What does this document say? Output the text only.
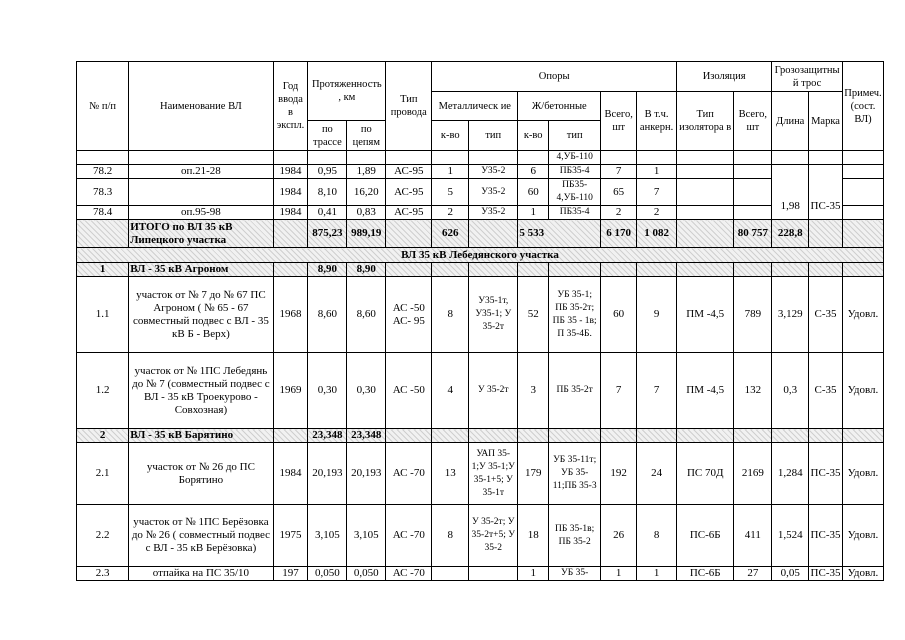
№ п/п	Наименование ВЛ	Год ввода в экспл.	Протяженность , км		Тип провода	Опоры						Изоляция		Грозозащитны й трос		Примеч. (сост. ВЛ)
						Металлическ ие		Ж/бетонные		Всего, шт	В т.ч. анкерн.	Тип изолятора в	Всего, шт	Длина	Марка	
			по трассе	по цепям		к-во	тип	к-во	тип							
									4,УБ-110							
78.2	оп.21-28	1984	0,95	1,89	АС-95	1	У35-2	6	ПБ35-4	7	1			1,98	ПС-35	
78.3		1984	8,10	16,20	АС-95	5	У35-2	60	ПБ35-4,УБ-110	65	7					
78.4	оп.95-98	1984	0,41	0,83	АС-95	2	У35-2	1	ПБ35-4	2	2					
	ИТОГО по ВЛ 35 кВ Липецкого участка		875,23	989,19		626		5 533		6 170	1 082		80 757	228,8		
ВЛ 35 кВ Лебедянского участка																
1	ВЛ - 35 кВ Агроном		8,90	8,90												
1.1	участок от № 7 до № 67 ПС Агроном ( № 65 - 67 совместный подвес с ВЛ - 35 кВ Б - Верх)	1968	8,60	8,60	АС -50 АС- 95	8	У35-1т, У35-1; У 35-2т	52	УБ 35-1; ПБ 35-2т; ПБ 35 - 1в; П 35-4Б.	60	9	ПМ -4,5	789	3,129	С-35	Удовл.
1.2	участок от № 1ПС Лебедянь до № 7 (совместный подвес с ВЛ - 35 кВ Троекурово - Совхозная)	1969	0,30	0,30	АС -50	4	У 35-2т	3	ПБ 35-2т	7	7	ПМ -4,5	132	0,3	С-35	Удовл.
2	ВЛ - 35 кВ Барятино		23,348	23,348												
2.1	участок от № 26 до ПС Борятино	1984	20,193	20,193	АС -70	13	УАП 35-1;У 35-1;У 35-1+5; У 35-1т	179	УБ 35-11т; УБ 35-11;ПБ 35-3	192	24	ПС 70Д	2169	1,284	ПС-35	Удовл.
2.2	участок от № 1ПС Берёзовка до № 26 ( совместный подвес с ВЛ - 35 кВ Берёзовка)	1975	3,105	3,105	АС -70	8	У 35-2т; У 35-2т+5; У 35-2	18	ПБ 35-1в; ПБ 35-2	26	8	ПС-6Б	411	1,524	ПС-35	Удовл.
2.3	отпайка на ПС 35/10	197	0,050	0,050	АС -70			1	УБ 35-	1	1	ПС-6Б	27	0,05	ПС-35	Удовл.
